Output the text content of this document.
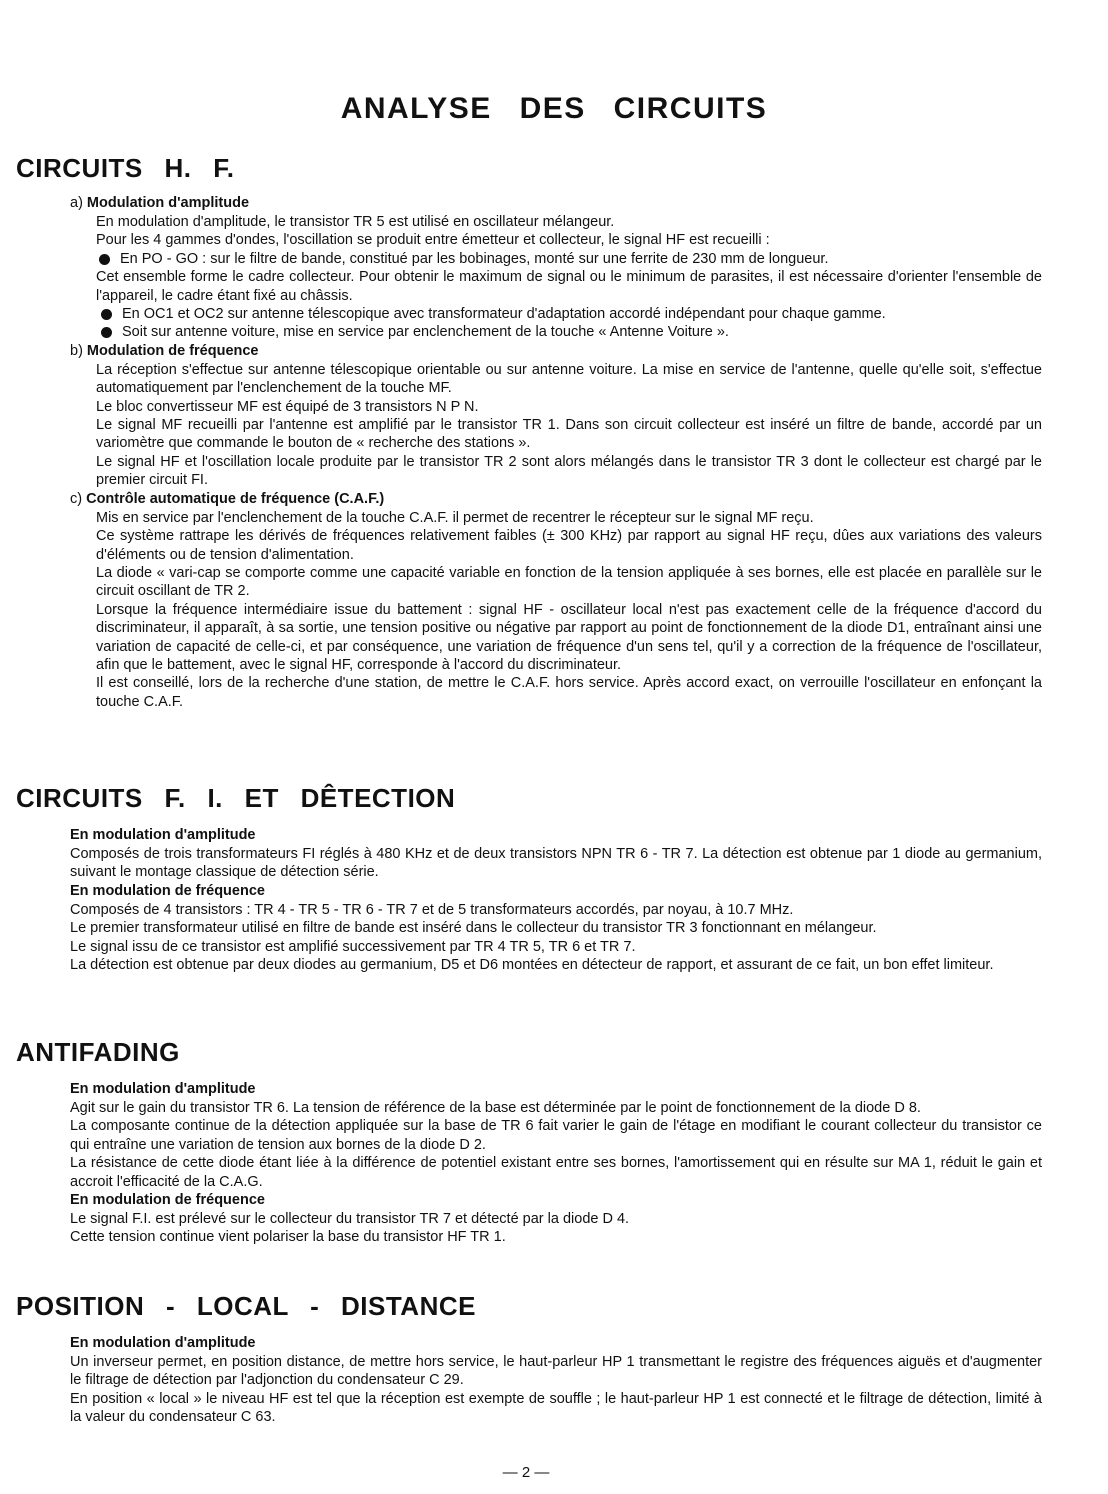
ANALYSE DES CIRCUITS
CIRCUITS H. F.
a) Modulation d'amplitude
En modulation d'amplitude, le transistor TR 5 est utilisé en oscillateur mélangeur.
Pour les 4 gammes d'ondes, l'oscillation se produit entre émetteur et collecteur, le signal HF est recueilli :
En PO - GO : sur le filtre de bande, constitué par les bobinages, monté sur une ferrite de 230 mm de longueur.
Cet ensemble forme le cadre collecteur. Pour obtenir le maximum de signal ou le minimum de parasites, il est nécessaire d'orienter l'ensemble de l'appareil, le cadre étant fixé au châssis.
En OC1 et OC2 sur antenne télescopique avec transformateur d'adaptation accordé indépendant pour chaque gamme.
Soit sur antenne voiture, mise en service par enclenchement de la touche « Antenne Voiture ».
b) Modulation de fréquence
La réception s'effectue sur antenne télescopique orientable ou sur antenne voiture. La mise en service de l'antenne, quelle qu'elle soit, s'effectue automatiquement par l'enclenchement de la touche MF.
Le bloc convertisseur MF est équipé de 3 transistors N P N.
Le signal MF recueilli par l'antenne est amplifié par le transistor TR 1. Dans son circuit collecteur est inséré un filtre de bande, accordé par un variomètre que commande le bouton de « recherche des stations ».
Le signal HF et l'oscillation locale produite par le transistor TR 2 sont alors mélangés dans le transistor TR 3 dont le collecteur est chargé par le premier circuit FI.
c) Contrôle automatique de fréquence (C.A.F.)
Mis en service par l'enclenchement de la touche C.A.F. il permet de recentrer le récepteur sur le signal MF reçu.
Ce système rattrape les dérivés de fréquences relativement faibles (± 300 KHz) par rapport au signal HF reçu, dûes aux variations des valeurs d'éléments ou de tension d'alimentation.
La diode « vari-cap se comporte comme une capacité variable en fonction de la tension appliquée à ses bornes, elle est placée en parallèle sur le circuit oscillant de TR 2.
Lorsque la fréquence intermédiaire issue du battement : signal HF - oscillateur local n'est pas exactement celle de la fréquence d'accord du discriminateur, il apparaît, à sa sortie, une tension positive ou négative par rapport au point de fonctionnement de la diode D1, entraînant ainsi une variation de capacité de celle-ci, et par conséquence, une variation de fréquence d'un sens tel, qu'il y a correction de la fréquence de l'oscillateur, afin que le battement, avec le signal HF, corresponde à l'accord du discriminateur.
Il est conseillé, lors de la recherche d'une station, de mettre le C.A.F. hors service. Après accord exact, on verrouille l'oscillateur en enfonçant la touche C.A.F.
CIRCUITS F. I. ET DÊTECTION
En modulation d'amplitude
Composés de trois transformateurs FI réglés à 480 KHz et de deux transistors NPN TR 6 - TR 7. La détection est obtenue par 1 diode au germanium, suivant le montage classique de détection série.
En modulation de fréquence
Composés de 4 transistors : TR 4 - TR 5 - TR 6 - TR 7 et de 5 transformateurs accordés, par noyau, à 10.7 MHz.
Le premier transformateur utilisé en filtre de bande est inséré dans le collecteur du transistor TR 3 fonctionnant en mélangeur.
Le signal issu de ce transistor est amplifié successivement par TR 4 TR 5, TR 6 et TR 7.
La détection est obtenue par deux diodes au germanium, D5 et D6 montées en détecteur de rapport, et assurant de ce fait, un bon effet limiteur.
ANTIFADING
En modulation d'amplitude
Agit sur le gain du transistor TR 6. La tension de référence de la base est déterminée par le point de fonctionnement de la diode D 8.
La composante continue de la détection appliquée sur la base de TR 6 fait varier le gain de l'étage en modifiant le courant collecteur du transistor ce qui entraîne une variation de tension aux bornes de la diode D 2.
La résistance de cette diode étant liée à la différence de potentiel existant entre ses bornes, l'amortissement qui en résulte sur MA 1, réduit le gain et accroit l'efficacité de la C.A.G.
En modulation de fréquence
Le signal F.I. est prélevé sur le collecteur du transistor TR 7 et détecté par la diode D 4.
Cette tension continue vient polariser la base du transistor HF TR 1.
POSITION - LOCAL - DISTANCE
En modulation d'amplitude
Un inverseur permet, en position distance, de mettre hors service, le haut-parleur HP 1 transmettant le registre des fréquences aiguës et d'augmenter le filtrage de détection par l'adjonction du condensateur C 29.
En position « local » le niveau HF est tel que la réception est exempte de souffle ; le haut-parleur HP 1 est connecté et le filtrage de détection, limité à la valeur du condensateur C 63.
— 2 —
